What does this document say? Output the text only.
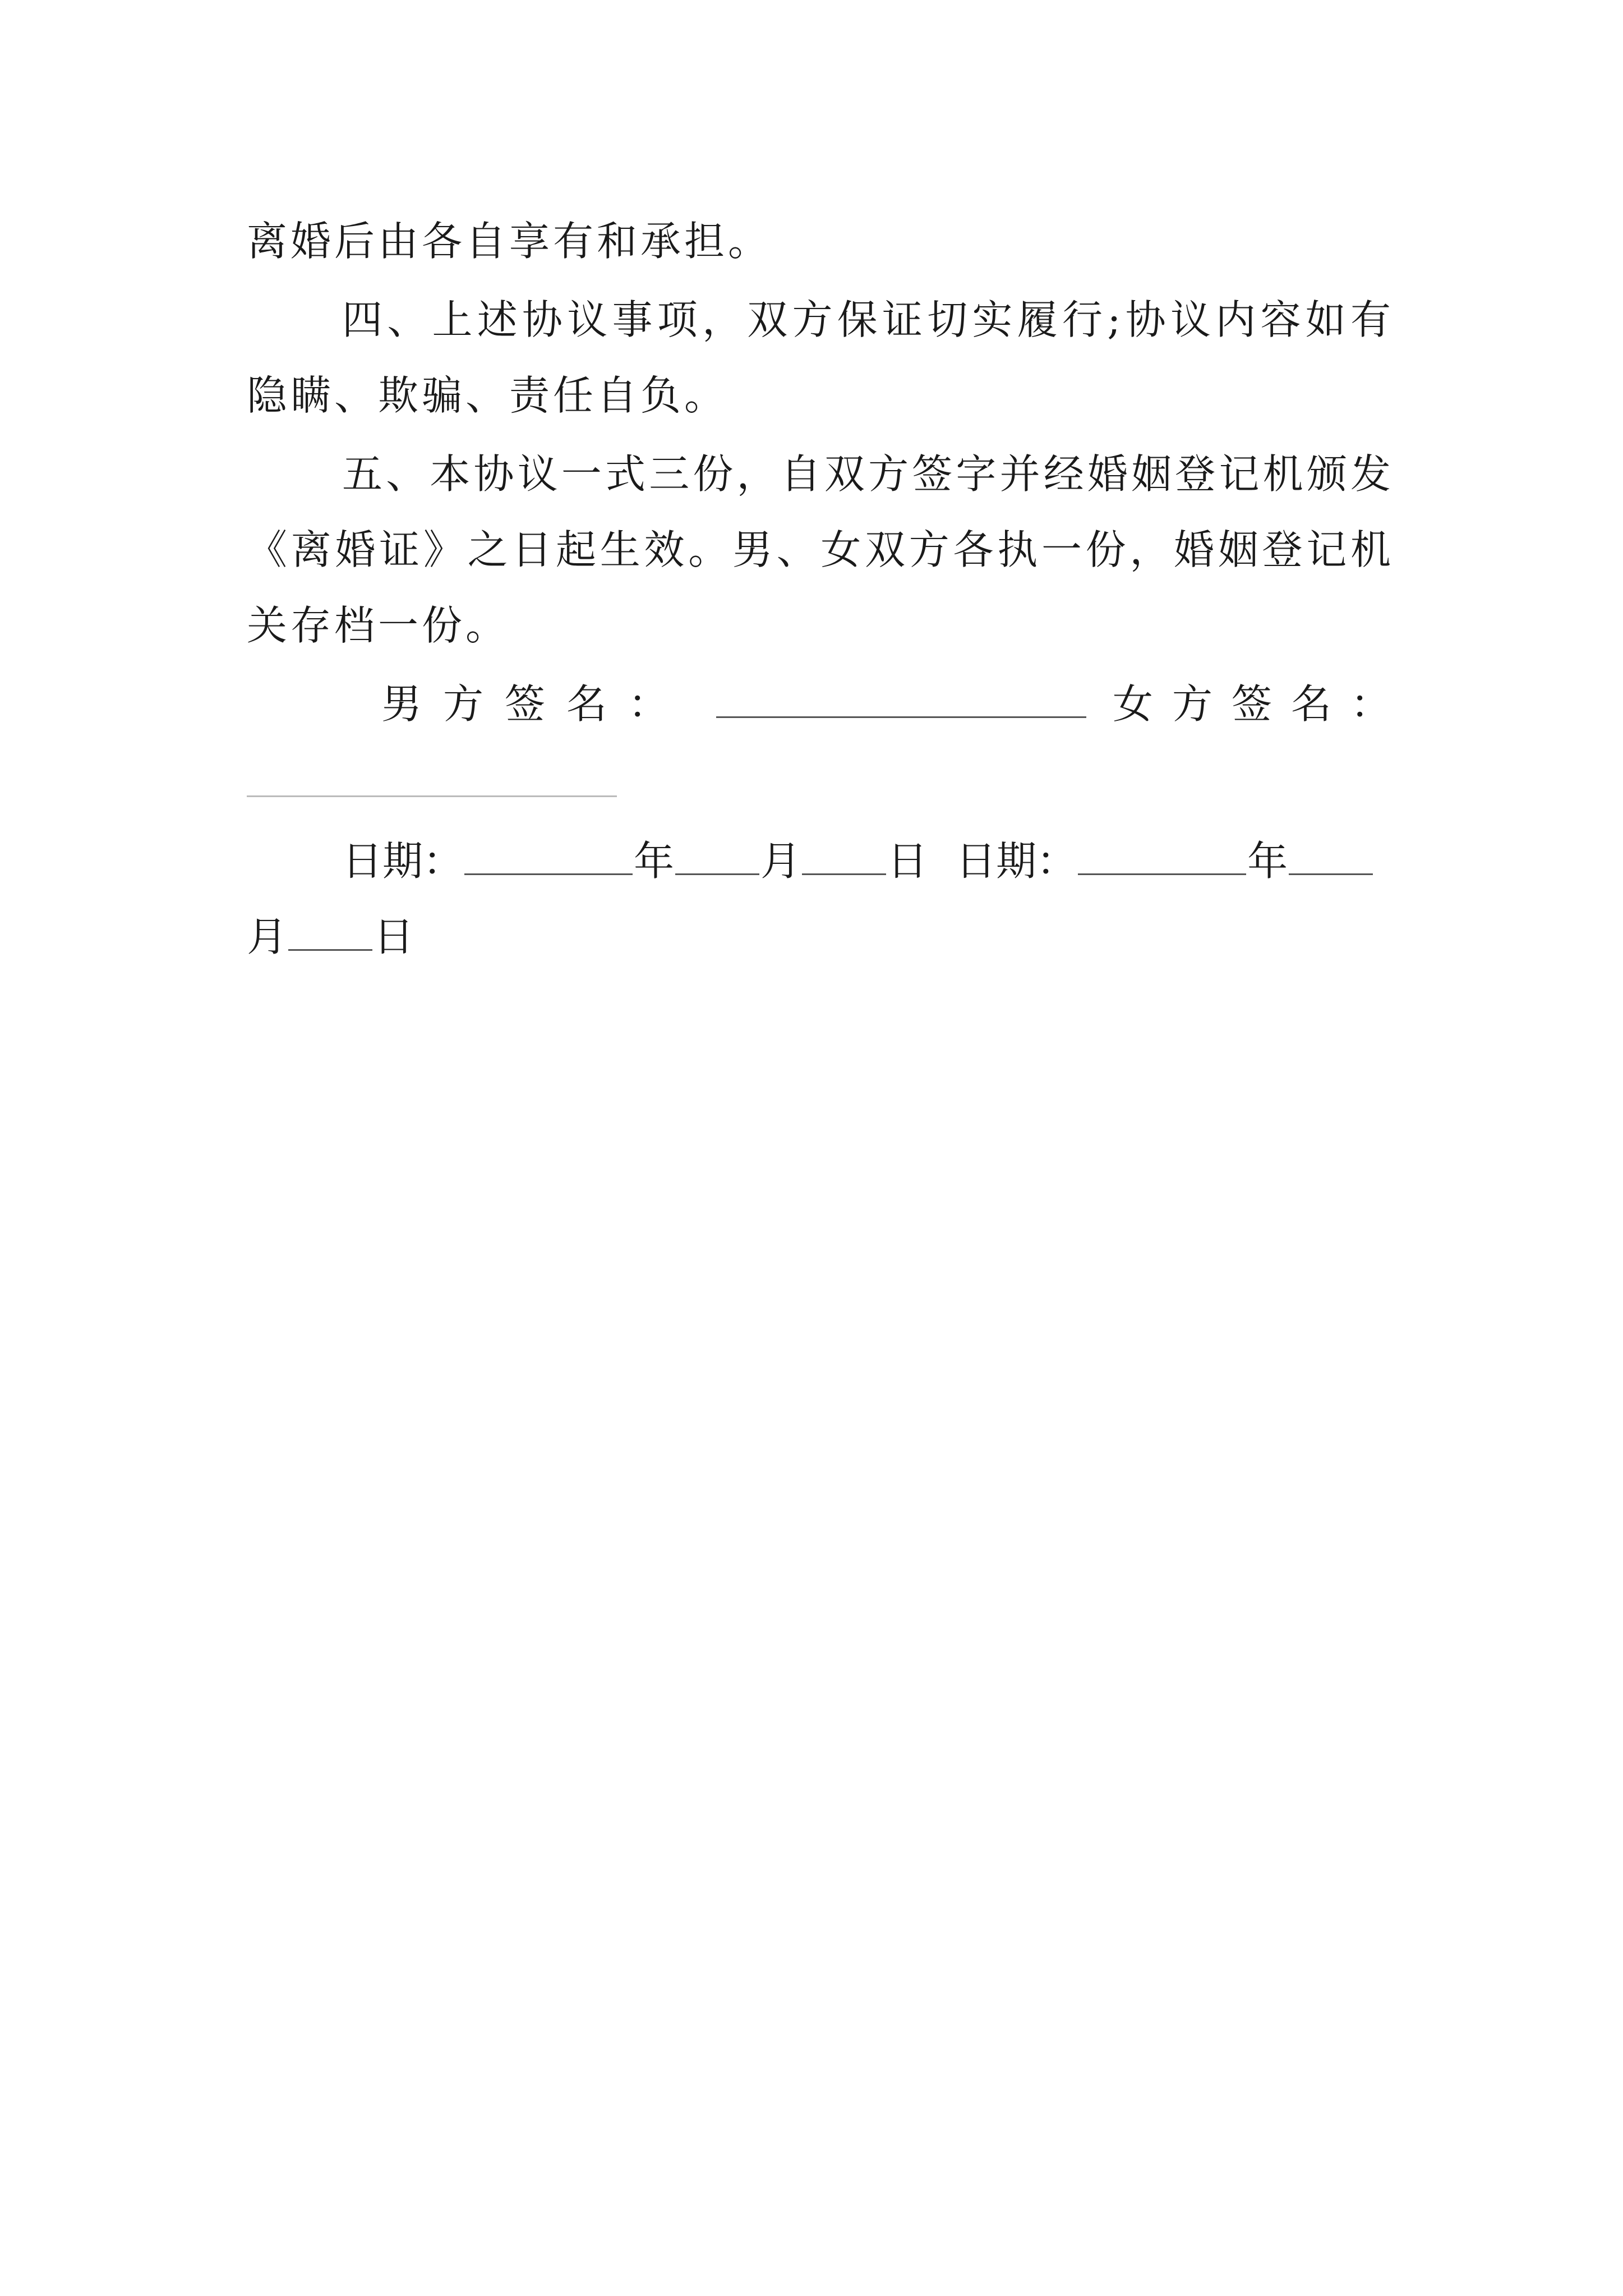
离婚后由各自享有和承担。
四、上述协议事项，双方保证切实履行;协议内容如有
隐瞒、欺骗、责任自负。
五、本协议一式三份，自双方签字并经婚姻登记机颁发
《离婚证》之日起生效。男、女双方各执一份，婚姻登记机
关存档一份。
男方签名：	女方签名：
日期：	年 月 日 日期：	年
月 日
